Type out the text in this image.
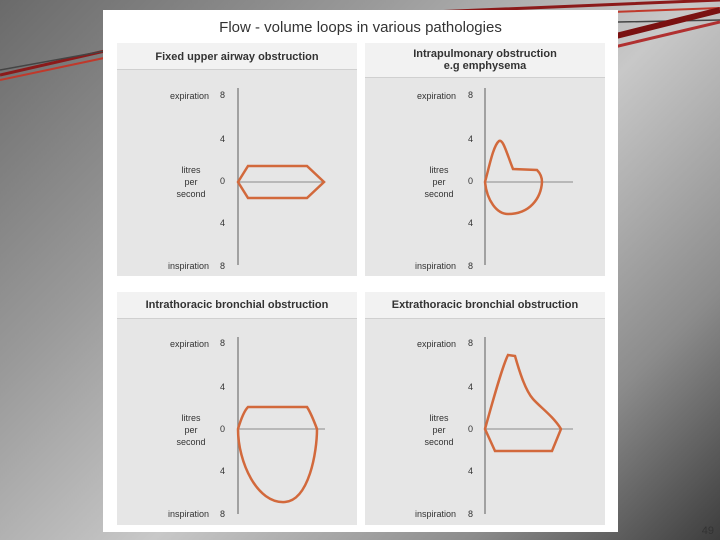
Flow - volume loops in various pathologies
Fixed upper airway obstruction
expiration
inspiration
litres
per
second
8
4
0
4
8
Intrapulmonary obstruction
e.g emphysema
expiration
inspiration
litres
per
second
8
4
0
4
8
Intrathoracic bronchial obstruction
expiration
inspiration
litres
per
second
8
4
0
4
8
Extrathoracic bronchial obstruction
expiration
inspiration
litres
per
second
8
4
0
4
8
49
